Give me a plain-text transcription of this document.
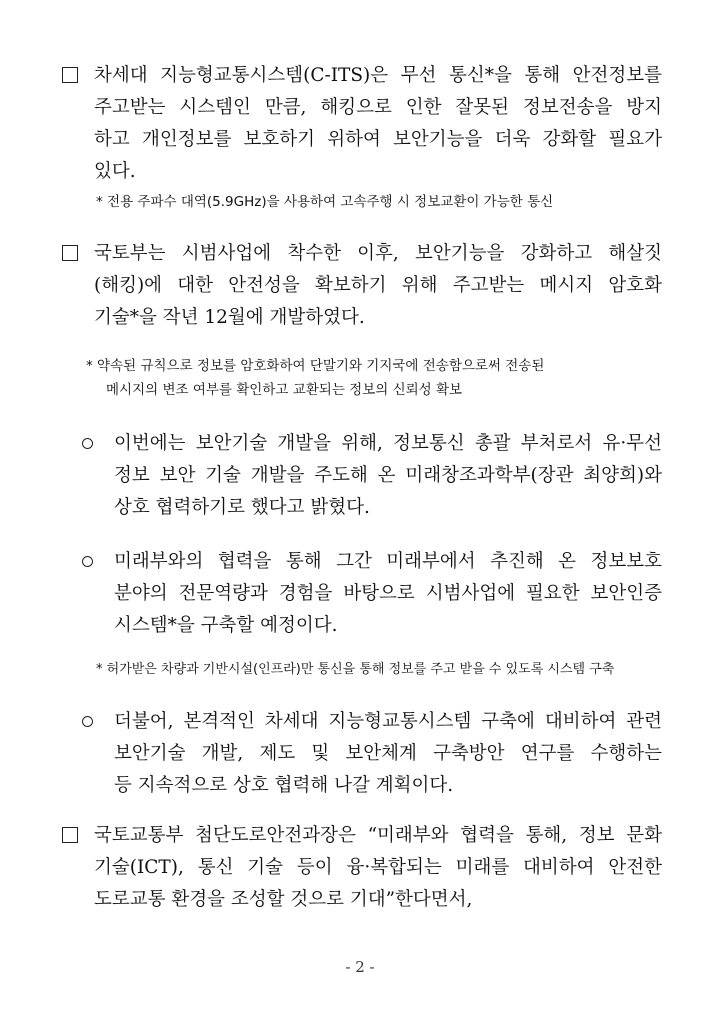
차세대 지능형교통시스템(C-ITS)은 무선 통신*을 통해 안전정보를
주고받는 시스템인 만큼, 해킹으로 인한 잘못된 정보전송을 방지
하고 개인정보를 보호하기 위하여 보안기능을 더욱 강화할 필요가
있다.
* 전용 주파수 대역(5.9GHz)을 사용하여 고속주행 시 정보교환이 가능한 통신
국토부는 시범사업에 착수한 이후, 보안기능을 강화하고 해살짓
(해킹)에 대한 안전성을 확보하기 위해 주고받는 메시지 암호화
기술*을 작년 12월에 개발하였다.
* 약속된 규칙으로 정보를 암호화하여 단말기와 기지국에 전송함으로써 전송된
메시지의 변조 여부를 확인하고 교환되는 정보의 신뢰성 확보
이번에는 보안기술 개발을 위해, 정보통신 총괄 부처로서 유·무선
정보 보안 기술 개발을 주도해 온 미래창조과학부(장관 최양희)와
상호 협력하기로 했다고 밝혔다.
미래부와의 협력을 통해 그간 미래부에서 추진해 온 정보보호
분야의 전문역량과 경험을 바탕으로 시범사업에 필요한 보안인증
시스템*을 구축할 예정이다.
* 허가받은 차량과 기반시설(인프라)만 통신을 통해 정보를 주고 받을 수 있도록 시스템 구축
더불어, 본격적인 차세대 지능형교통시스템 구축에 대비하여 관련
보안기술 개발, 제도 및 보안체계 구축방안 연구를 수행하는
등 지속적으로 상호 협력해 나갈 계획이다.
국토교통부 첨단도로안전과장은 “미래부와 협력을 통해, 정보 문화
기술(ICT), 통신 기술 등이 융·복합되는 미래를 대비하여 안전한
도로교통 환경을 조성할 것으로 기대”한다면서,
- 2 -
